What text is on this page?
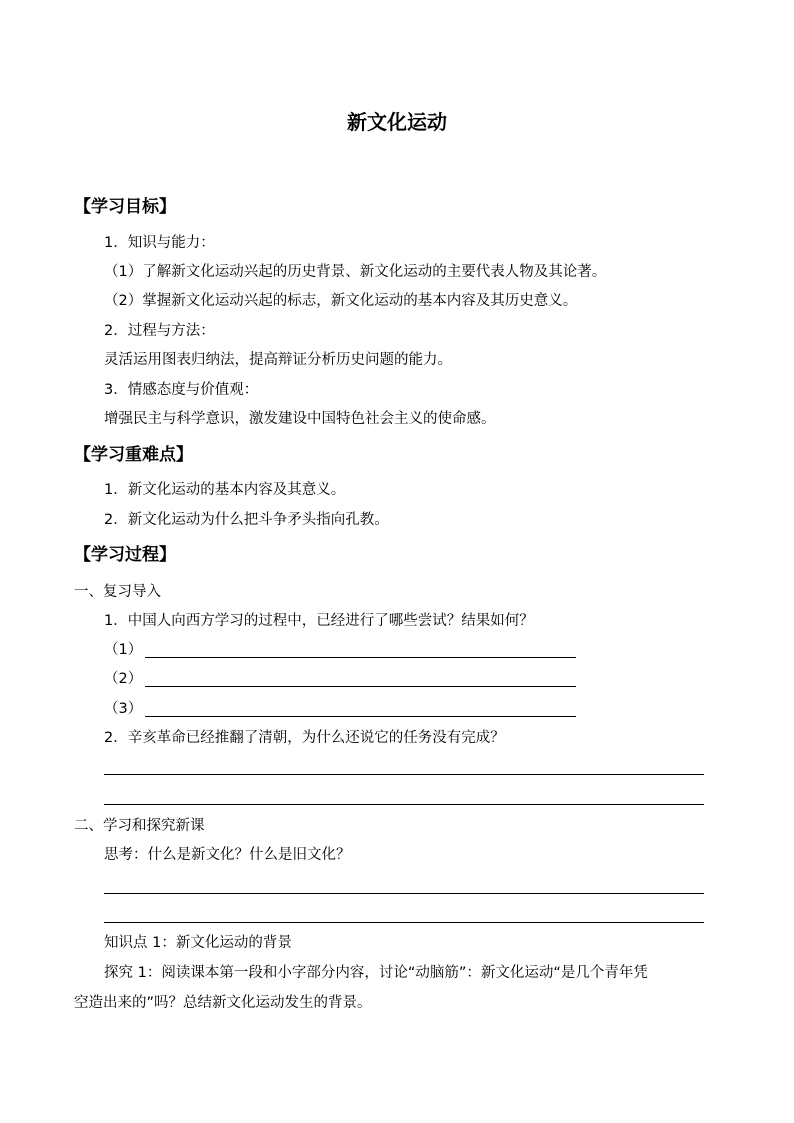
新文化运动
【学习目标】
1．知识与能力：
（1）了解新文化运动兴起的历史背景、新文化运动的主要代表人物及其论著。
（2）掌握新文化运动兴起的标志，新文化运动的基本内容及其历史意义。
2．过程与方法：
灵活运用图表归纳法，提高辩证分析历史问题的能力。
3．情感态度与价值观：
增强民主与科学意识，激发建设中国特色社会主义的使命感。
【学习重难点】
1．新文化运动的基本内容及其意义。
2．新文化运动为什么把斗争矛头指向孔教。
【学习过程】
一、复习导入
1．中国人向西方学习的过程中，已经进行了哪些尝试？结果如何？
（1）
（2）
（3）
2．辛亥革命已经推翻了清朝，为什么还说它的任务没有完成？
二、学习和探究新课
思考：什么是新文化？什么是旧文化？
知识点 1：新文化运动的背景
探究 1：阅读课本第一段和小字部分内容，讨论“动脑筋”：新文化运动“是几个青年凭
空造出来的”吗？总结新文化运动发生的背景。
